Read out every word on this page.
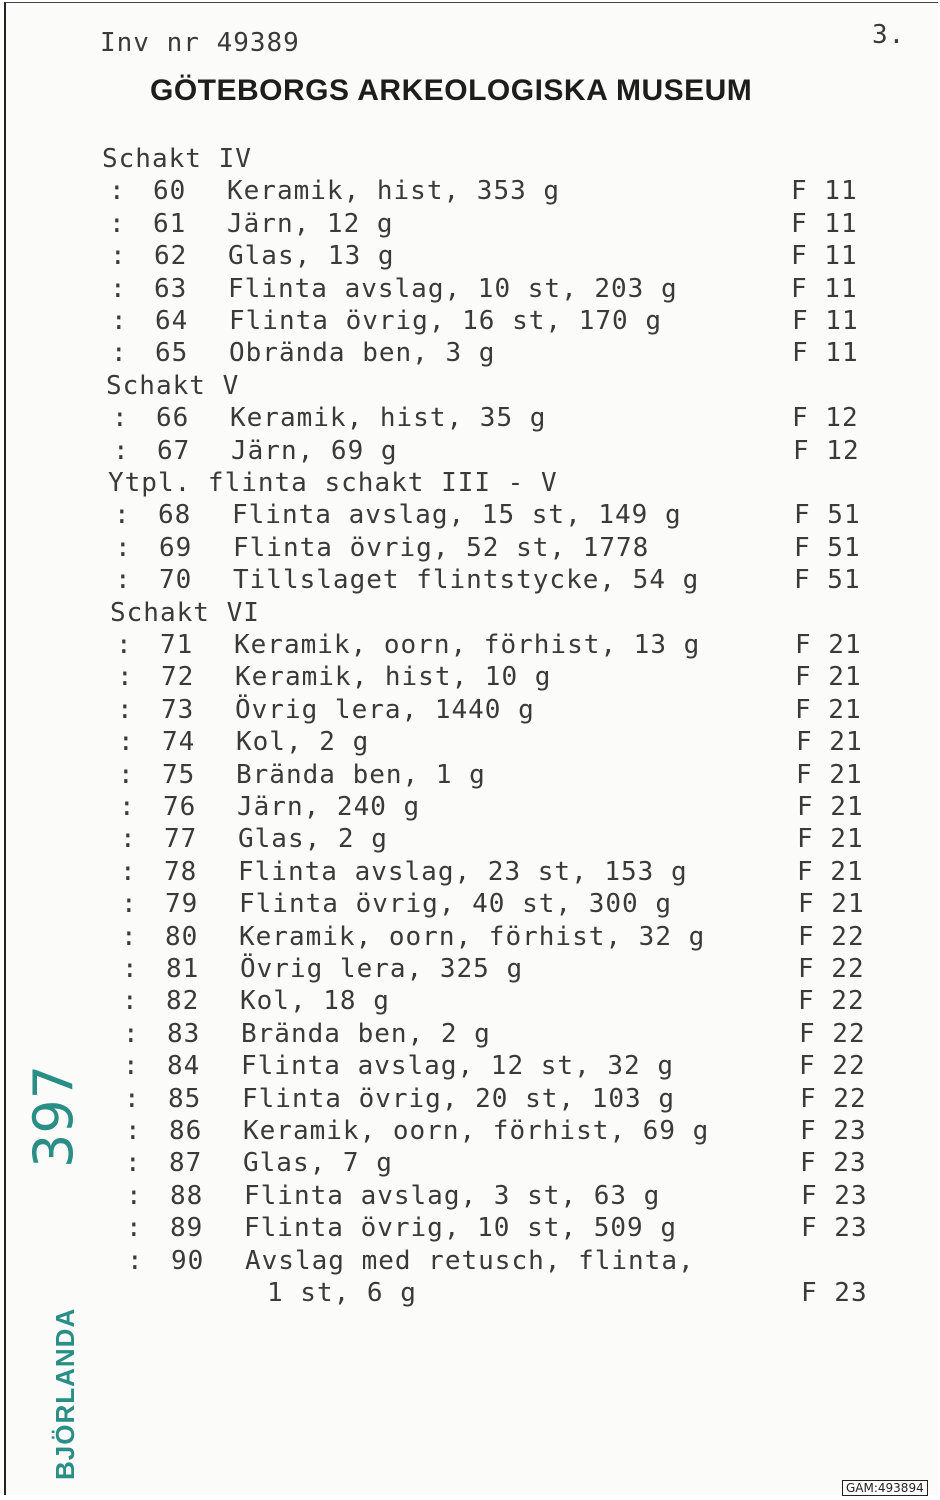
Inv nr 49389	3.
GÖTEBORGS ARKEOLOGISKA MUSEUM
Schakt IV
: 60 Keramik, hist, 353 g	F 11
: 61 Järn, 12 g	F 11
: 62 Glas, 13 g	F 11
: 63 Flinta avslag, 10 st, 203 g	F 11
: 64 Flinta övrig, 16 st, 170 g	F 11
: 65 Obrända ben, 3 g	F 11
Schakt V
: 66 Keramik, hist, 35 g	F 12
: 67 Järn, 69 g	F 12
Ytpl. flinta schakt III - V
: 68 Flinta avslag, 15 st, 149 g	F 51
: 69 Flinta övrig, 52 st, 1778	F 51
: 70 Tillslaget flintstycke, 54 g	F 51
Schakt VI
: 71 Keramik, oorn, förhist, 13 g	F 21
: 72 Keramik, hist, 10 g	F 21
: 73 Övrig lera, 1440 g	F 21
: 74 Kol, 2 g	F 21
: 75 Brända ben, 1 g	F 21
: 76 Järn, 240 g	F 21
: 77 Glas, 2 g	F 21
: 78 Flinta avslag, 23 st, 153 g	F 21
: 79 Flinta övrig, 40 st, 300 g	F 21
: 80 Keramik, oorn, förhist, 32 g	F 22
: 81 Övrig lera, 325 g	F 22
: 82 Kol, 18 g	F 22
: 83 Brända ben, 2 g	F 22
: 84 Flinta avslag, 12 st, 32 g	F 22
: 85 Flinta övrig, 20 st, 103 g	F 22
: 86 Keramik, oorn, förhist, 69 g	F 23
: 87 Glas, 7 g	F 23
: 88 Flinta avslag, 3 st, 63 g	F 23
: 89 Flinta övrig, 10 st, 509 g	F 23
: 90 Avslag med retusch, flinta,
1 st, 6 g	F 23
397
BJÖRLANDA
GAM:493894
